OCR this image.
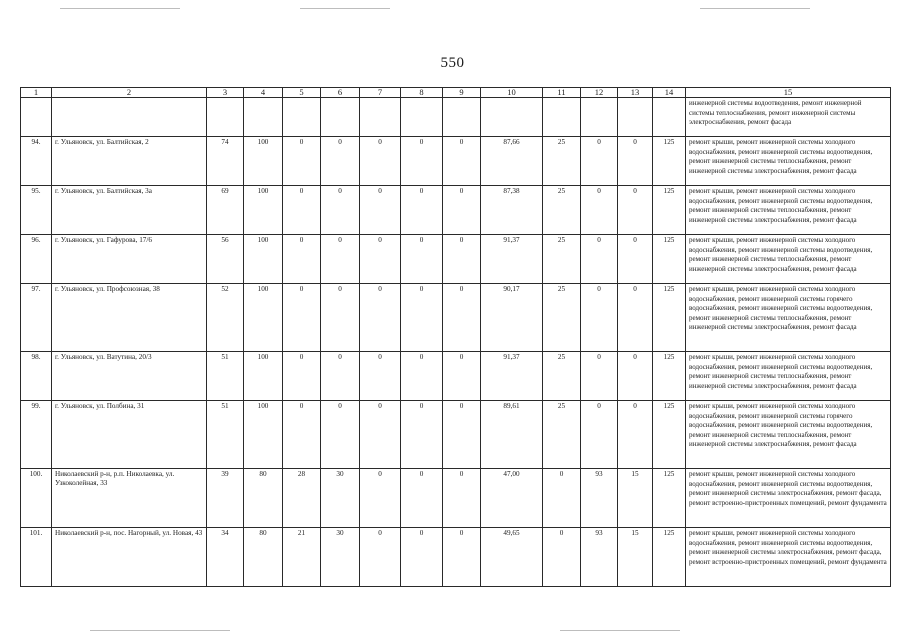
550
1	2	3	4	5	6	7	8	9	10	11	12	13	14	15
														инженерной системы водоотведения, ремонт инженерной системы теплоснабжения, ремонт инженерной системы электроснабжения, ремонт фасада
94.	г. Ульяновск, ул. Балтийская, 2	74	100	0	0	0	0	0	87,66	25	0	0	125	ремонт крыши, ремонт инженерной системы холодного водоснабжения, ремонт инженерной системы водоотведения, ремонт инженерной системы теплоснабжения, ремонт инженерной системы электроснабжения, ремонт фасада
95.	г. Ульяновск, ул. Балтийская, 3а	69	100	0	0	0	0	0	87,38	25	0	0	125	ремонт крыши, ремонт инженерной системы холодного водоснабжения, ремонт инженерной системы водоотведения, ремонт инженерной системы теплоснабжения, ремонт инженерной системы электроснабжения, ремонт фасада
96.	г. Ульяновск, ул. Гафурова, 17/6	56	100	0	0	0	0	0	91,37	25	0	0	125	ремонт крыши, ремонт инженерной системы холодного водоснабжения, ремонт инженерной системы водоотведения, ремонт инженерной системы теплоснабжения, ремонт инженерной системы электроснабжения, ремонт фасада
97.	г. Ульяновск, ул. Профсоюзная, 38	52	100	0	0	0	0	0	90,17	25	0	0	125	ремонт крыши, ремонт инженерной системы холодного водоснабжения, ремонт инженерной системы горячего водоснабжения, ремонт инженерной системы водоотведения, ремонт инженерной системы теплоснабжения, ремонт инженерной системы электроснабжения, ремонт фасада
98.	г. Ульяновск, ул. Ватутина, 20/3	51	100	0	0	0	0	0	91,37	25	0	0	125	ремонт крыши, ремонт инженерной системы холодного водоснабжения, ремонт инженерной системы водоотведения, ремонт инженерной системы теплоснабжения, ремонт инженерной системы электроснабжения, ремонт фасада
99.	г. Ульяновск, ул. Полбина, 31	51	100	0	0	0	0	0	89,61	25	0	0	125	ремонт крыши, ремонт инженерной системы холодного водоснабжения, ремонт инженерной системы горячего водоснабжения, ремонт инженерной системы водоотведения, ремонт инженерной системы теплоснабжения, ремонт инженерной системы электроснабжения, ремонт фасада
100.	Николаевский р-н, р.п. Николаевка, ул. Узкоколейная, 33	39	80	28	30	0	0	0	47,00	0	93	15	125	ремонт крыши, ремонт инженерной системы холодного водоснабжения, ремонт инженерной системы водоотведения, ремонт инженерной системы электроснабжения, ремонт фасада, ремонт встроенно-пристроенных помещений, ремонт фундамента
101.	Николаевский р-н, пос. Нагорный, ул. Новая, 43	34	80	21	30	0	0	0	49,65	0	93	15	125	ремонт крыши, ремонт инженерной системы холодного водоснабжения, ремонт инженерной системы водоотведения, ремонт инженерной системы электроснабжения, ремонт фасада, ремонт встроенно-пристроенных помещений, ремонт фундамента
